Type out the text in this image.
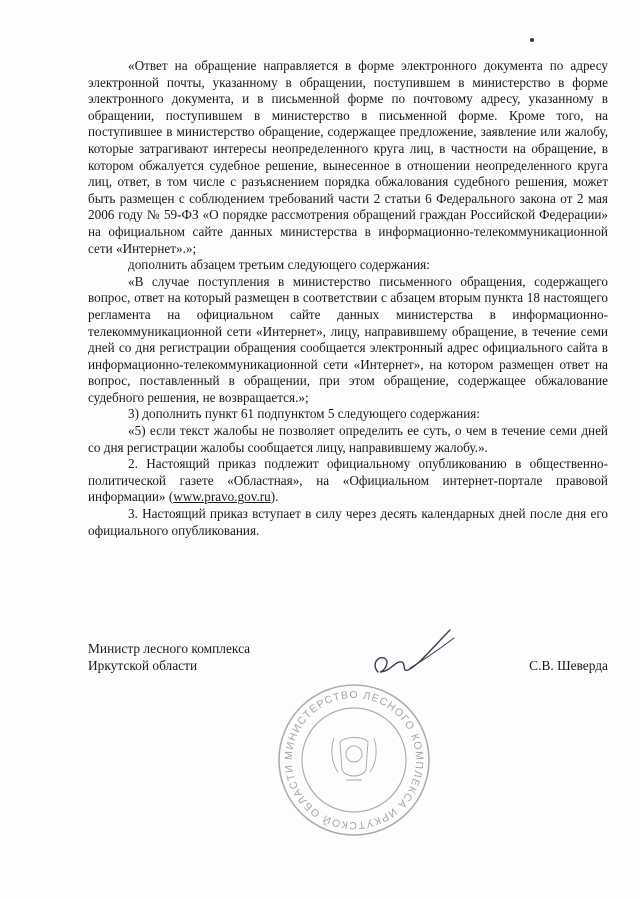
«Ответ на обращение направляется в форме электронного документа по адресу электронной почты, указанному в обращении, поступившем в министерство в форме электронного документа, и в письменной форме по почтовому адресу, указанному в обращении, поступившем в министерство в письменной форме. Кроме того, на поступившее в министерство обращение, содержащее предложение, заявление или жалобу, которые затрагивают интересы неопределенного круга лиц, в частности на обращение, в котором обжалуется судебное решение, вынесенное в отношении неопределенного круга лиц, ответ, в том числе с разъяснением порядка обжалования судебного решения, может быть размещен с соблюдением требований части 2 статьи 6 Федерального закона от 2 мая 2006 году № 59-ФЗ «О порядке рассмотрения обращений граждан Российской Федерации» на официальном сайте данных министерства в информационно-телекоммуникационной сети «Интернет».»;

дополнить абзацем третьим следующего содержания:

«В случае поступления в министерство письменного обращения, содержащего вопрос, ответ на который размещен в соответствии с абзацем вторым пункта 18 настоящего регламента на официальном сайте данных министерства в информационно-телекоммуникационной сети «Интернет», лицу, направившему обращение, в течение семи дней со дня регистрации обращения сообщается электронный адрес официального сайта в информационно-телекоммуникационной сети «Интернет», на котором размещен ответ на вопрос, поставленный в обращении, при этом обращение, содержащее обжалование судебного решения, не возвращается.»;

3) дополнить пункт 61 подпунктом 5 следующего содержания:

«5) если текст жалобы не позволяет определить ее суть, о чем в течение семи дней со дня регистрации жалобы сообщается лицу, направившему жалобу.».

2. Настоящий приказ подлежит официальному опубликованию в общественно-политической газете «Областная», на «Официальном интернет-портале правовой информации» (www.pravo.gov.ru).

3. Настоящий приказ вступает в силу через десять календарных дней после дня его официального опубликования.

Министр лесного комплекса
Иркутской области	С.В. Шеверда
МИНИСТЕРСТВО ЛЕСНОГО КОМПЛЕКСА ИРКУТСКОЙ ОБЛАСТИ
